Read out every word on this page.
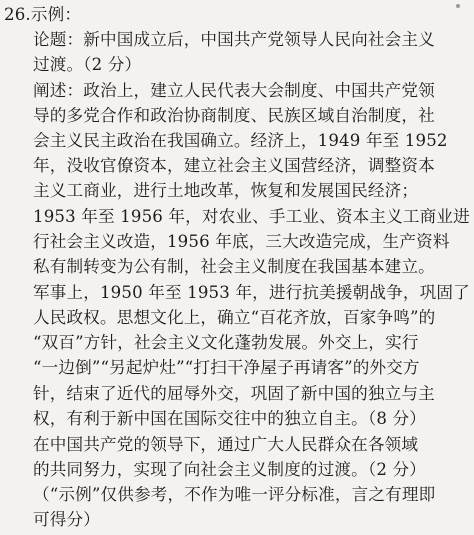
26.示例：
论题：新中国成立后，中国共产党领导人民向社会主义
过渡。（2 分）
阐述：政治上，建立人民代表大会制度、中国共产党领
导的多党合作和政治协商制度、民族区域自治制度，社
会主义民主政治在我国确立。经济上，1949 年至 1952
年，没收官僚资本，建立社会主义国营经济，调整资本
主义工商业，进行土地改革，恢复和发展国民经济；
1953 年至 1956 年，对农业、手工业、资本主义工商业进
行社会主义改造，1956 年底，三大改造完成，生产资料
私有制转变为公有制，社会主义制度在我国基本建立。
军事上，1950 年至 1953 年，进行抗美援朝战争，巩固了
人民政权。思想文化上，确立“百花齐放，百家争鸣”的
“双百”方针，社会主义文化蓬勃发展。外交上，实行
“一边倒”“另起炉灶”“打扫干净屋子再请客”的外交方
针，结束了近代的屈辱外交，巩固了新中国的独立与主
权，有利于新中国在国际交往中的独立自主。（8 分）
在中国共产党的领导下，通过广大人民群众在各领域
的共同努力，实现了向社会主义制度的过渡。（2 分）
（“示例”仅供参考，不作为唯一评分标准，言之有理即
可得分）
